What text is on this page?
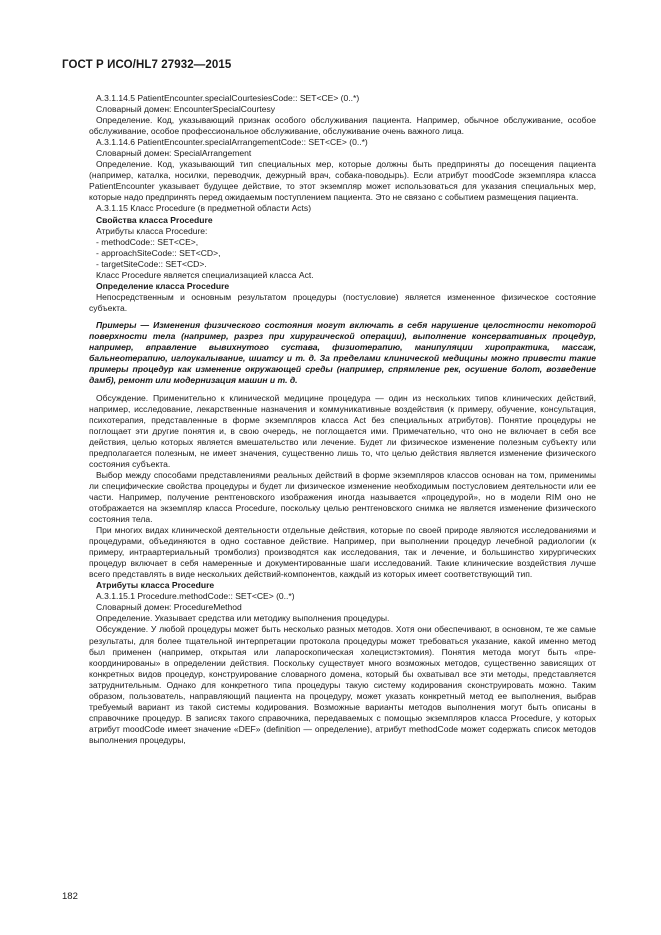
ГОСТ Р ИСО/HL7 27932—2015

A.3.1.14.5 PatientEncounter.specialCourtesiesCode:: SET<CE> (0..*)

Словарный домен: EncounterSpecialCourtesy

Определение. Код, указывающий признак особого обслуживания пациента. Например, обычное обслуживание, особое обслуживание, особое профессиональное обслуживание, обслуживание очень важного лица.

A.3.1.14.6 PatientEncounter.specialArrangementCode:: SET<CE> (0..*)

Словарный домен: SpecialArrangement

Определение. Код, указывающий тип специальных мер, которые должны быть предприняты до посещения пациента (например, каталка, носилки, переводчик, дежурный врач, собака-поводырь). Если атрибут moodCode экземпляра класса PatientEncounter указывает будущее действие, то этот экземпляр может использоваться для указания специальных мер, которые надо предпринять перед ожидаемым поступлением пациента. Это не связано с событием размещения пациента.

A.3.1.15 Класс Procedure (в предметной области Acts)

Свойства класса Procedure

Атрибуты класса Procedure:

- methodCode:: SET<CE>,

- approachSiteCode:: SET<CD>,

- targetSiteCode:: SET<CD>.

Класс Procedure является специализацией класса Act.

Определение класса Procedure

Непосредственным и основным результатом процедуры (постусловие) является измененное физическое состояние субъекта.

Примеры — Изменения физического состояния могут включать в себя нарушение целостности некоторой поверхности тела (например, разрез при хирургической операции), выполнение консервативных процедур, например, вправление вывихнутого сустава, физиотерапию, манипуляции хиропрактика, массаж, бальнеотерапию, иглоукалывание, шиатсу и т. д. За пределами клинической медицины можно привести такие примеры процедур как изменение окружающей среды (например, спрямление рек, осушение болот, возведение дамб), ремонт или модернизация машин и т. д.

Обсуждение. Применительно к клинической медицине процедура — один из нескольких типов клинических действий, например, исследование, лекарственные назначения и коммуникативные воздействия (к примеру, обучение, консультация, психотерапия, представленные в форме экземпляров класса Act без специальных атрибутов). Понятие процедуры не поглощает эти другие понятия и, в свою очередь, не поглощается ими. Примечательно, что оно не включает в себя все действия, целью которых является вмешательство или лечение. Будет ли физическое изменение полезным субъекту или предполагается полезным, не имеет значения, существенно лишь то, что целью действия является изменение физического состояния субъекта.

Выбор между способами представлениями реальных действий в форме экземпляров классов основан на том, применимы ли специфические свойства процедуры и будет ли физическое изменение необходимым постусловием деятельности или ее части. Например, получение рентгеновского изображения иногда называется «процедурой», но в модели RIM оно не отображается на экземпляр класса Procedure, поскольку целью рентгеновского снимка не является изменение физического состояния тела.

При многих видах клинической деятельности отдельные действия, которые по своей природе являются исследованиями и процедурами, объединяются в одно составное действие. Например, при выполнении процедур лечебной радиологии (к примеру, интраартериальный тромболиз) производятся как исследования, так и лечение, и большинство хирургических процедур включает в себя намеренные и документированные шаги исследований. Такие клинические воздействия лучше всего представлять в виде нескольких действий-компонентов, каждый из которых имеет соответствующий тип.

Атрибуты класса Procedure

A.3.1.15.1 Procedure.methodCode:: SET<CE> (0..*)

Словарный домен: ProcedureMethod

Определение. Указывает средства или методику выполнения процедуры.

Обсуждение. У любой процедуры может быть несколько разных методов. Хотя они обеспечивают, в основном, те же самые результаты, для более тщательной интерпретации протокола процедуры может требоваться указание, какой именно метод был применен (например, открытая или лапароскопическая холецистэктомия). Понятия метода могут быть «пре-координированы» в определении действия. Поскольку существует много возможных методов, существенно зависящих от конкретных видов процедур, конструирование словарного домена, который бы охватывал все эти методы, представляется затруднительным. Однако для конкретного типа процедуры такую систему кодирования сконструировать можно. Таким образом, пользователь, направляющий пациента на процедуру, может указать конкретный метод ее выполнения, выбрав требуемый вариант из такой системы кодирования. Возможные варианты методов выполнения могут быть описаны в справочнике процедур. В записях такого справочника, передаваемых с помощью экземпляров класса Procedure, у которых атрибут moodCode имеет значение «DEF» (definition — определение), атрибут methodCode может содержать список методов выполнения процедуры,

182
